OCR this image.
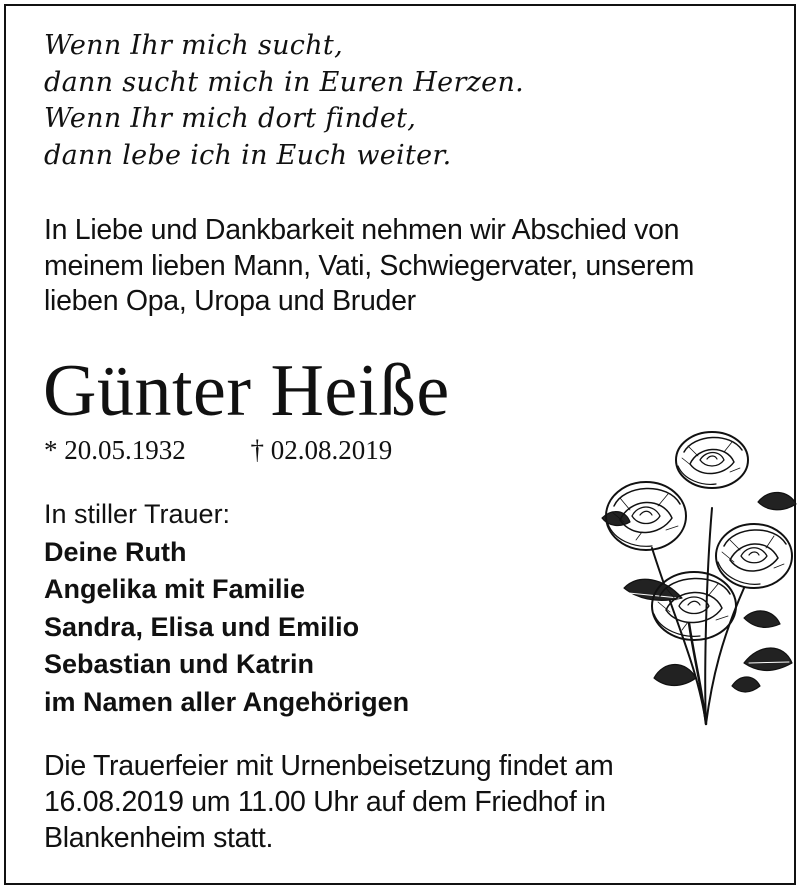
Wenn Ihr mich sucht,
dann sucht mich in Euren Herzen.
Wenn Ihr mich dort findet,
dann lebe ich in Euch weiter.
In Liebe und Dankbarkeit nehmen wir Abschied von
meinem lieben Mann, Vati, Schwiegervater, unserem
lieben Opa, Uropa und Bruder
Günter Heiße
* 20.05.1932 † 02.08.2019
In stiller Trauer:
Deine Ruth
Angelika mit Familie
Sandra, Elisa und Emilio
Sebastian und Katrin
im Namen aller Angehörigen
Die Trauerfeier mit Urnenbeisetzung findet am
16.08.2019 um 11.00 Uhr auf dem Friedhof in
Blankenheim statt.
